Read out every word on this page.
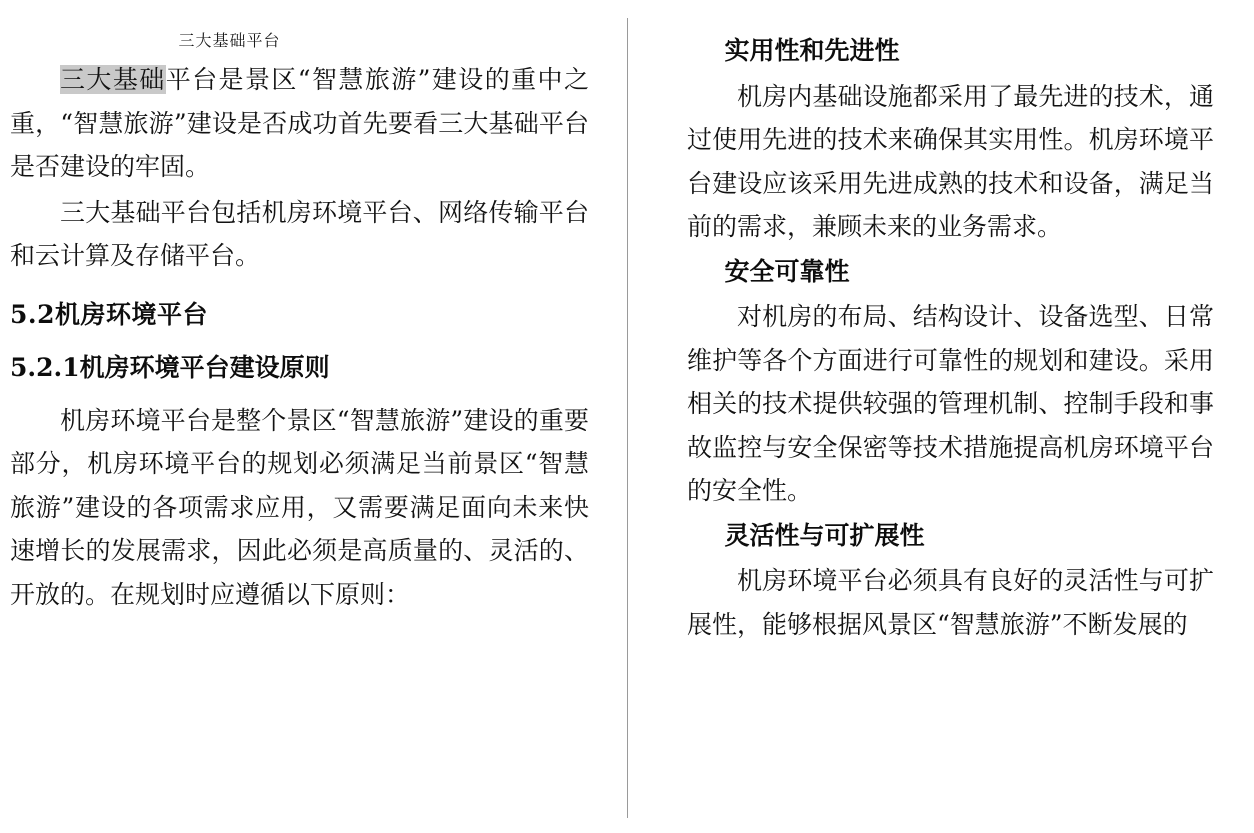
三大基础平台

三大基础平台是景区“智慧旅游”建设的重中之重，“智慧旅游”建设是否成功首先要看三大基础平台是否建设的牢固。

三大基础平台包括机房环境平台、网络传输平台和云计算及存储平台。

5.2机房环境平台
5.2.1机房环境平台建设原则

机房环境平台是整个景区“智慧旅游”建设的重要部分，机房环境平台的规划必须满足当前景区“智慧旅游”建设的各项需求应用，又需要满足面向未来快速增长的发展需求，因此必须是高质量的、灵活的、开放的。在规划时应遵循以下原则：

实用性和先进性

机房内基础设施都采用了最先进的技术，通过使用先进的技术来确保其实用性。机房环境平台建设应该采用先进成熟的技术和设备，满足当前的需求，兼顾未来的业务需求。

安全可靠性

对机房的布局、结构设计、设备选型、日常维护等各个方面进行可靠性的规划和建设。采用相关的技术提供较强的管理机制、控制手段和事故监控与安全保密等技术措施提高机房环境平台的安全性。

灵活性与可扩展性

机房环境平台必须具有良好的灵活性与可扩展性，能够根据风景区“智慧旅游”不断发展的
